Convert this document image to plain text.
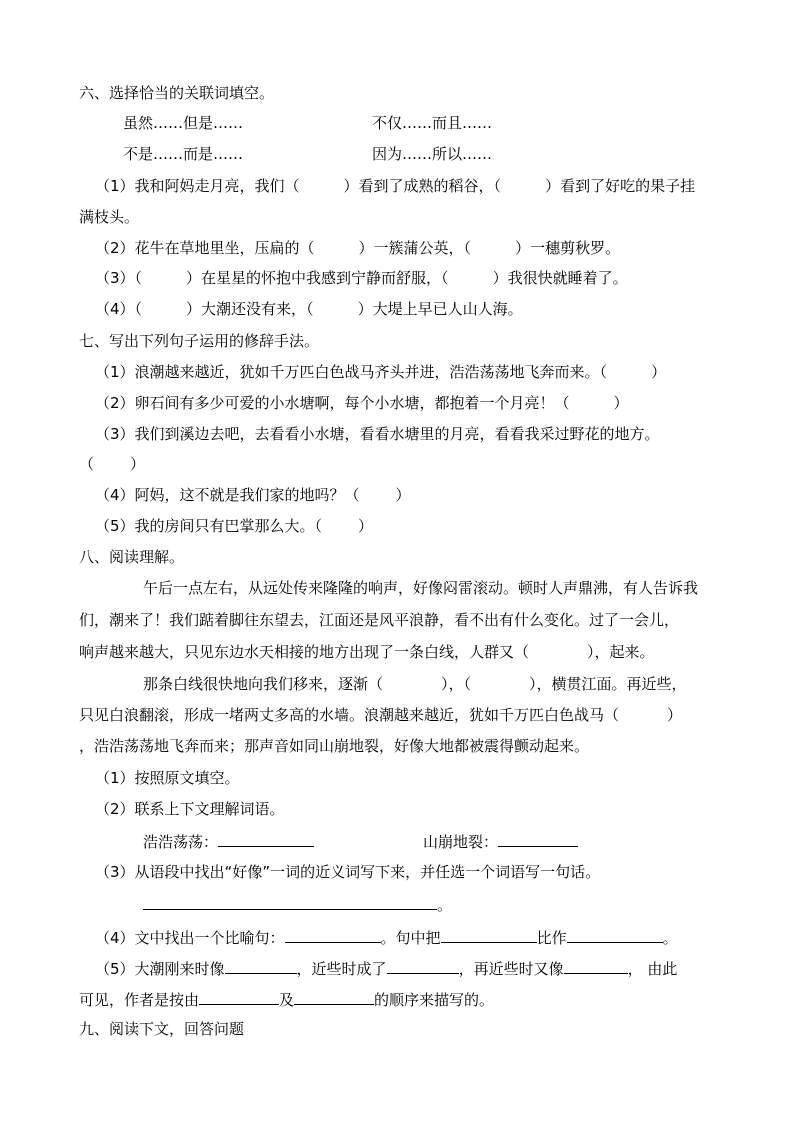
六、选择恰当的关联词填空。
虽然……但是……	不仅……而且……
不是……而是……	因为……所以……
（1）我和阿妈走月亮，我们（	）看到了成熟的稻谷，（	）看到了好吃的果子挂
满枝头。
（2）花牛在草地里坐，压扁的（	）一簇蒲公英，（	）一穗剪秋罗。
（3）（	）在星星的怀抱中我感到宁静而舒服，（	）我很快就睡着了。
（4）（	）大潮还没有来，（	）大堤上早已人山人海。
七、写出下列句子运用的修辞手法。
（1）浪潮越来越近，犹如千万匹白色战马齐头并进，浩浩荡荡地飞奔而来。（	）
（2）卵石间有多少可爱的小水塘啊，每个小水塘，都抱着一个月亮！（	）
（3）我们到溪边去吧，去看看小水塘，看看水塘里的月亮，看看我采过野花的地方。
（ ）
（4）阿妈，这不就是我们家的地吗？（ ）
（5）我的房间只有巴掌那么大。（ ）
八、阅读理解。
午后一点左右，从远处传来隆隆的响声，好像闷雷滚动。顿时人声鼎沸，有人告诉我
们，潮来了！我们踮着脚往东望去，江面还是风平浪静，看不出有什么变化。过了一会儿，
响声越来越大，只见东边水天相接的地方出现了一条白线，人群又（	），起来。
那条白线很快地向我们移来，逐渐（	），（	），横贯江面。再近些，
只见白浪翻滚，形成一堵两丈多高的水墙。浪潮越来越近，犹如千万匹白色战马（	）
，浩浩荡荡地飞奔而来；那声音如同山崩地裂，好像大地都被震得颤动起来。
（1）按照原文填空。
（2）联系上下文理解词语。
浩浩荡荡：	山崩地裂：
（3）从语段中找出“好像”一词的近义词写下来，并任选一个词语写一句话。
。
（4）文中找出一个比喻句：	。句中把	比作	。
（5）大潮刚来时像	，近些时成了	，再近些时又像	， 由此
可见，作者是按由	及	的顺序来描写的。
九、阅读下文，回答问题
